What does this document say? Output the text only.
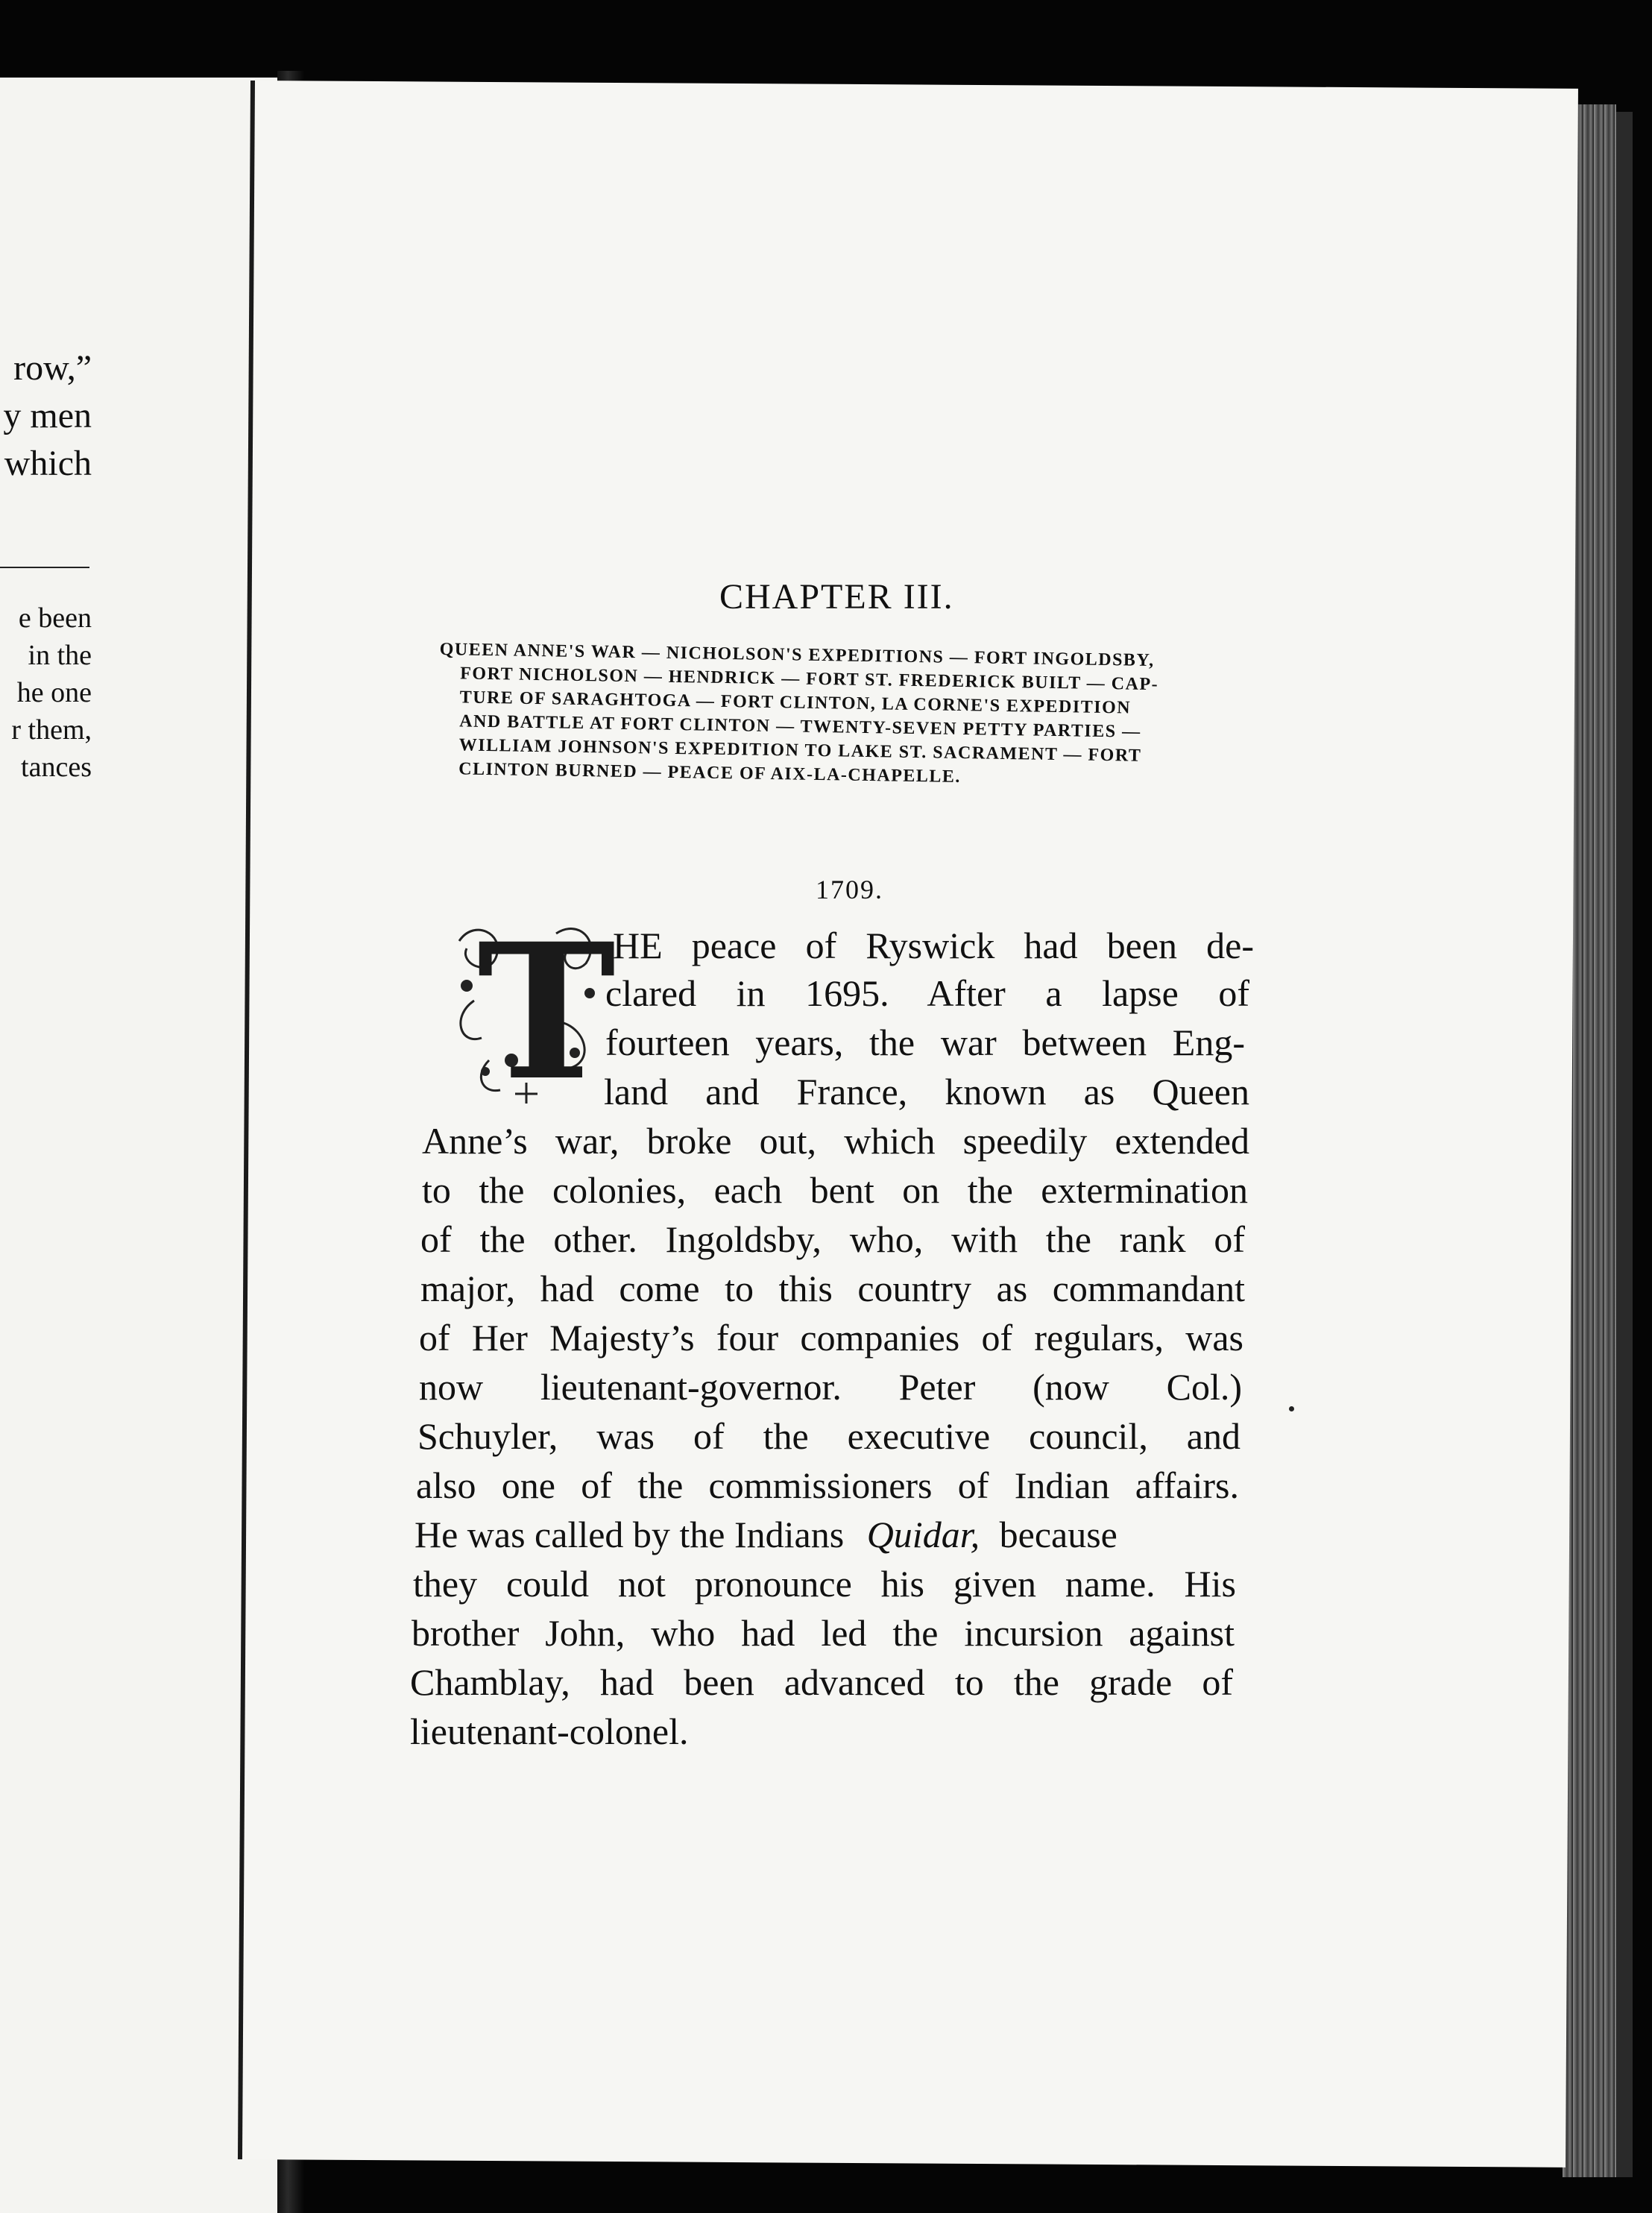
row,”
y men
which
e been
in the
he one
r them,
tances
CHAPTER III.
QUEEN ANNE'S WAR — NICHOLSON'S EXPEDITIONS — FORT INGOLDSBY,
FORT NICHOLSON — HENDRICK — FORT ST. FREDERICK BUILT — CAP-
TURE OF SARAGHTOGA — FORT CLINTON, LA CORNE'S EXPEDITION
AND BATTLE AT FORT CLINTON — TWENTY-SEVEN PETTY PARTIES —
WILLIAM JOHNSON'S EXPEDITION TO LAKE ST. SACRAMENT — FORT
CLINTON BURNED — PEACE OF AIX-LA-CHAPELLE.
1709.
T
HE peace of Ryswick had been de-
clared in 1695. After a lapse of
fourteen years, the war between Eng-
land and France, known as Queen
Anne’s war, broke out, which speedily extended
to the colonies, each bent on the extermination
of the other. Ingoldsby, who, with the rank of
major, had come to this country as commandant
of Her Majesty’s four companies of regulars, was
now lieutenant-governor. Peter (now Col.)
Schuyler, was of the executive council, and
also one of the commissioners of Indian affairs.
He was called by the Indians Quidar, because
they could not pronounce his given name. His
brother John, who had led the incursion against
Chamblay, had been advanced to the grade of
lieutenant-colonel.
